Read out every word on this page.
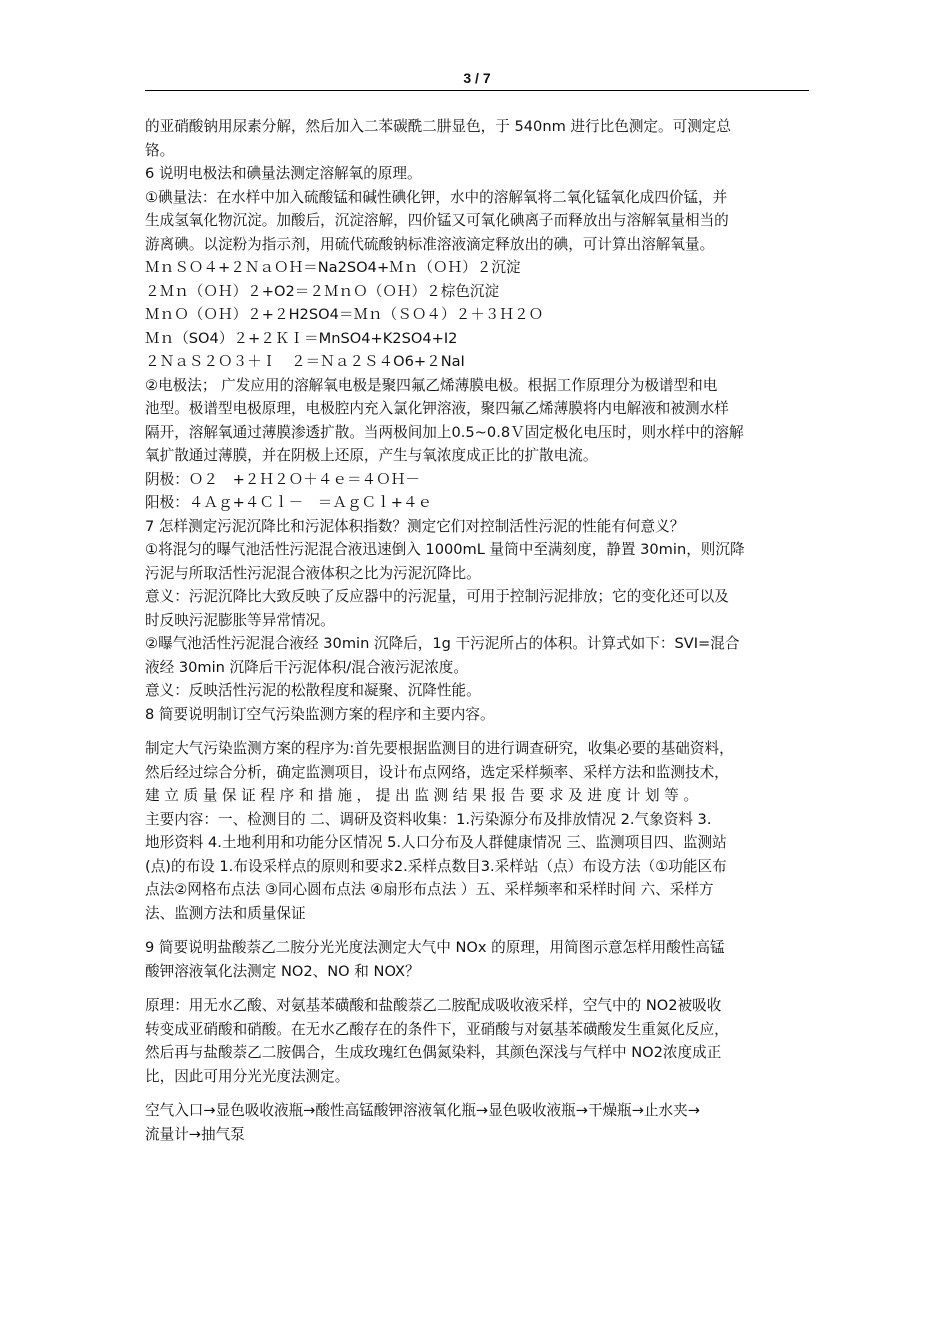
3 / 7
的亚硝酸钠用尿素分解，然后加入二苯碳酰二肼显色，于 540nm 进行比色测定。可测定总
铬。
6 说明电极法和碘量法测定溶解氧的原理。
①碘量法：在水样中加入硫酸锰和碱性碘化钾，水中的溶解氧将二氧化锰氧化成四价锰，并
生成氢氧化物沉淀。加酸后，沉淀溶解，四价锰又可氧化碘离子而释放出与溶解氧量相当的
游离碘。以淀粉为指示剂，用硫代硫酸钠标准溶液滴定释放出的碘，可计算出溶解氧量。
ＭｎＳＯ４+２ＮａＯＨ＝Na2SO4+Ｍｎ（ＯＨ）２沉淀
２Ｍｎ（ＯＨ）２+O2＝２ＭｎＯ（ＯＨ）２棕色沉淀
ＭｎＯ（ＯＨ）２+２H2SO4＝Ｍｎ（ＳＯ４）２＋３Ｈ２Ｏ
Ｍｎ（SO4）２+２ＫＩ＝MnSO4+K2SO4+I2
２ＮａＳ２Ｏ３＋Ｉ　２＝Ｎａ２Ｓ４O6+２NaI
②电极法； 广发应用的溶解氧电极是聚四氟乙烯薄膜电极。根据工作原理分为极谱型和电
池型。极谱型电极原理，电极腔内充入氯化钾溶液，聚四氟乙烯薄膜将内电解液和被测水样
隔开，溶解氧通过薄膜渗透扩散。当两极间加上0.5~0.8Ｖ固定极化电压时，则水样中的溶解
氧扩散通过薄膜，并在阴极上还原，产生与氧浓度成正比的扩散电流。
阴极：Ｏ２　+２Ｈ２Ｏ＋４ｅ＝４ＯＨ－
阳极：４Ａｇ+４Ｃｌ－　＝ＡｇＣｌ+４ｅ
7 怎样测定污泥沉降比和污泥体积指数？测定它们对控制活性污泥的性能有何意义？
①将混匀的曝气池活性污泥混合液迅速倒入 1000mL 量筒中至满刻度，静置 30min，则沉降
污泥与所取活性污泥混合液体积之比为污泥沉降比。
意义：污泥沉降比大致反映了反应器中的污泥量，可用于控制污泥排放；它的变化还可以及
时反映污泥膨胀等异常情况。
②曝气池活性污泥混合液经 30min 沉降后，1g 干污泥所占的体积。计算式如下：SVI=混合
液经 30min 沉降后干污泥体积/混合液污泥浓度。
意义：反映活性污泥的松散程度和凝聚、沉降性能。
8 简要说明制订空气污染监测方案的程序和主要内容。
制定大气污染监测方案的程序为:首先要根据监测目的进行调查研究，收集必要的基础资料，
然后经过综合分析，确定监测项目，设计布点网络，选定采样频率、采样方法和监测技术，
建 立 质 量 保 证 程 序 和 措 施 ， 提 出 监 测 结 果 报 告 要 求 及 进 度 计 划 等 。
主要内容：一、检测目的 二、调研及资料收集：1.污染源分布及排放情况 2.气象资料 3.
地形资料 4.土地利用和功能分区情况 5.人口分布及人群健康情况 三、监测项目四、监测站
(点)的布设 1.布设采样点的原则和要求2.采样点数目3.采样站（点）布设方法（①功能区布
点法②网格布点法 ③同心圆布点法 ④扇形布点法 ）五、采样频率和采样时间 六、采样方
法、监测方法和质量保证
9 简要说明盐酸萘乙二胺分光光度法测定大气中 NOx 的原理，用简图示意怎样用酸性高锰
酸钾溶液氧化法测定 NO2、NO 和 NOX？
原理：用无水乙酸、对氨基苯磺酸和盐酸萘乙二胺配成吸收液采样，空气中的 NO2被吸收
转变成亚硝酸和硝酸。在无水乙酸存在的条件下，亚硝酸与对氨基苯磺酸发生重氮化反应，
然后再与盐酸萘乙二胺偶合，生成玫瑰红色偶氮染料，其颜色深浅与气样中 NO2浓度成正
比，因此可用分光光度法测定。
空气入口→显色吸收液瓶→酸性高锰酸钾溶液氧化瓶→显色吸收液瓶→干燥瓶→止水夹→
流量计→抽气泵
